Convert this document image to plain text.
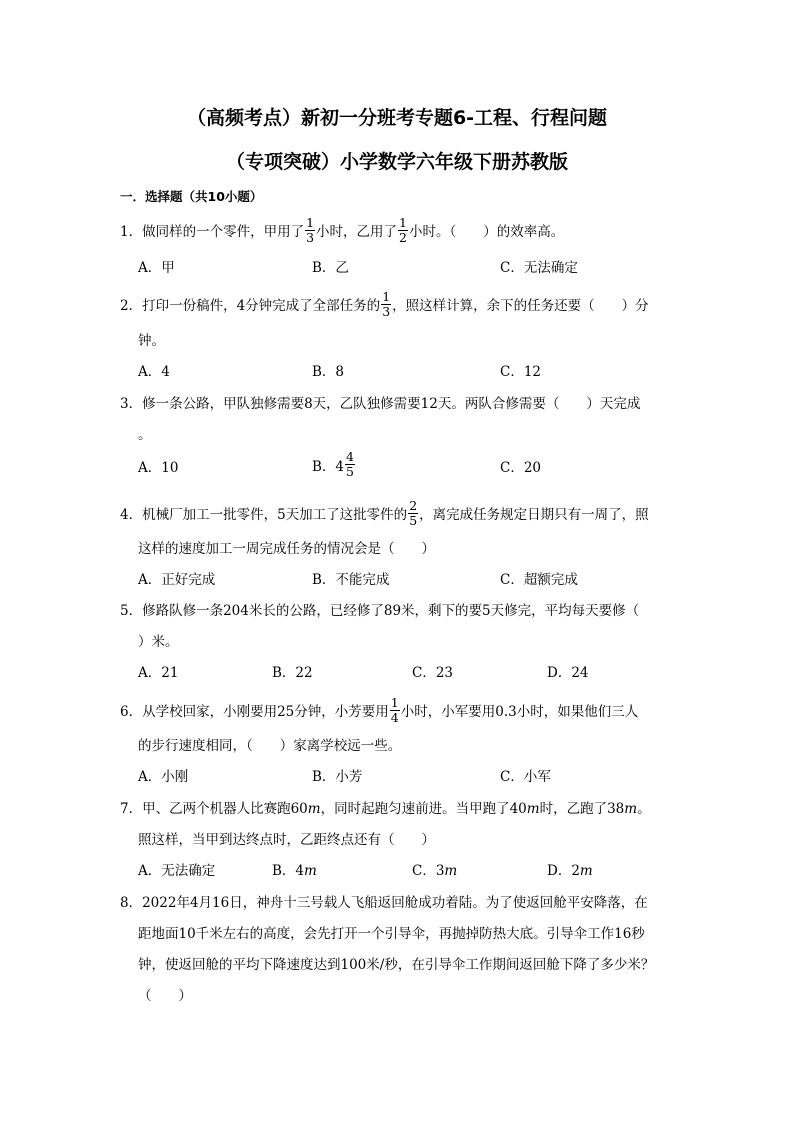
（高频考点）新初一分班考专题6-工程、行程问题
（专项突破）小学数学六年级下册苏教版
一．选择题（共10小题）
1．做同样的一个零件，甲用了 $\frac{1}{3}$ 小时，乙用了 $\frac{1}{2}$ 小时。（　　）的效率高。
A．甲	B．乙	C．无法确定
2．打印一份稿件，4分钟完成了全部任务的 $\frac{1}{3}$ ，照这样计算，余下的任务还要（　　）分
钟。
A．4	B．8	C．12
3．修一条公路，甲队独修需要8天，乙队独修需要12天。两队合修需要（　　）天完成
。
A．10	B．$4 \frac{4}{5}$	C．20
4．机械厂加工一批零件，5天加工了这批零件的 $\frac{2}{5}$ ，离完成任务规定日期只有一周了，照
这样的速度加工一周完成任务的情况会是（　　）
A．正好完成	B．不能完成	C．超额完成
5．修路队修一条204米长的公路，已经修了89米，剩下的要5天修完，平均每天要修（
）米。
A．21	B．22	C．23	D．24
6．从学校回家，小刚要用25分钟，小芳要用 $\frac{1}{4}$ 小时，小军要用0.3小时，如果他们三人
的步行速度相同，（　　）家离学校远一些。
A．小刚	B．小芳	C．小军
7．甲、乙两个机器人比赛跑60m，同时起跑匀速前进。当甲跑了40m时，乙跑了38m。
照这样，当甲到达终点时，乙距终点还有（　　）
A．无法确定	B．4m	C．3m	D．2m
8．2022年4月16日，神舟十三号载人飞船返回舱成功着陆。为了使返回舱平安降落，在
距地面10千米左右的高度，会先打开一个引导伞，再抛掉防热大底。引导伞工作16秒
钟，使返回舱的平均下降速度达到100米/秒，在引导伞工作期间返回舱下降了多少米？
（　　）
